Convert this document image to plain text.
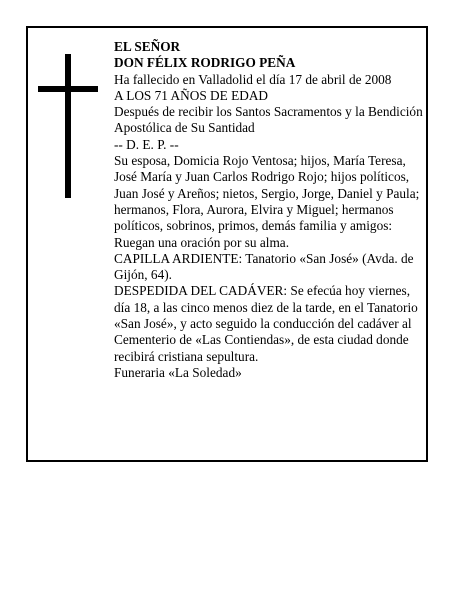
EL SEÑOR

DON FÉLIX RODRIGO PEÑA

Ha fallecido en Valladolid el día 17 de abril de 2008

A LOS 71 AÑOS DE EDAD

Después de recibir los Santos Sacramentos y la Bendición Apostólica de Su Santidad

-- D. E. P. --

Su esposa, Domicia Rojo Ventosa; hijos, María Teresa, José María y Juan Carlos Rodrigo Rojo; hijos políticos, Juan José y Areños; nietos, Sergio, Jorge, Daniel y Paula; hermanos, Flora, Aurora, Elvira y Miguel; hermanos políticos, sobrinos, primos, demás familia y amigos:

Ruegan una oración por su alma.

CAPILLA ARDIENTE: Tanatorio «San José» (Avda. de Gijón, 64).

DESPEDIDA DEL CADÁVER: Se efecúa hoy viernes, día 18, a las cinco menos diez de la tarde, en el Tanatorio «San José», y acto seguido la conducción del cadáver al Cementerio de «Las Contiendas», de esta ciudad donde recibirá cristiana sepultura.

Funeraria «La Soledad»
